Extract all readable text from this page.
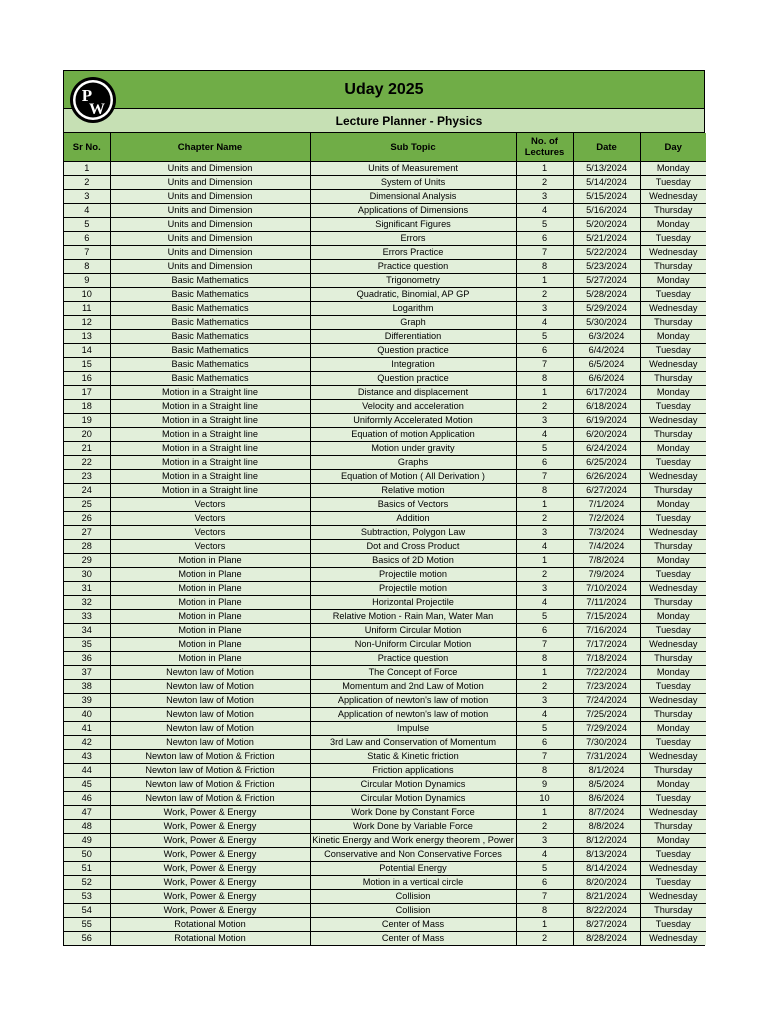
P
W
Uday 2025
Lecture Planner - Physics
Sr No.	Chapter Name	Sub Topic	No. of Lectures	Date	Day
1	Units and Dimension	Units of Measurement	1	5/13/2024	Monday
2	Units and Dimension	System of Units	2	5/14/2024	Tuesday
3	Units and Dimension	Dimensional Analysis	3	5/15/2024	Wednesday
4	Units and Dimension	Applications of Dimensions	4	5/16/2024	Thursday
5	Units and Dimension	Significant Figures	5	5/20/2024	Monday
6	Units and Dimension	Errors	6	5/21/2024	Tuesday
7	Units and Dimension	Errors Practice	7	5/22/2024	Wednesday
8	Units and Dimension	Practice question	8	5/23/2024	Thursday
9	Basic Mathematics	Trigonometry	1	5/27/2024	Monday
10	Basic Mathematics	Quadratic, Binomial, AP GP	2	5/28/2024	Tuesday
11	Basic Mathematics	Logarithm	3	5/29/2024	Wednesday
12	Basic Mathematics	Graph	4	5/30/2024	Thursday
13	Basic Mathematics	Differentiation	5	6/3/2024	Monday
14	Basic Mathematics	Question practice	6	6/4/2024	Tuesday
15	Basic Mathematics	Integration	7	6/5/2024	Wednesday
16	Basic Mathematics	Question practice	8	6/6/2024	Thursday
17	Motion in a Straight line	Distance and displacement	1	6/17/2024	Monday
18	Motion in a Straight line	Velocity and acceleration	2	6/18/2024	Tuesday
19	Motion in a Straight line	Uniformly Accelerated Motion	3	6/19/2024	Wednesday
20	Motion in a Straight line	Equation of motion Application	4	6/20/2024	Thursday
21	Motion in a Straight line	Motion under gravity	5	6/24/2024	Monday
22	Motion in a Straight line	Graphs	6	6/25/2024	Tuesday
23	Motion in a Straight line	Equation of Motion ( All Derivation )	7	6/26/2024	Wednesday
24	Motion in a Straight line	Relative motion	8	6/27/2024	Thursday
25	Vectors	Basics of Vectors	1	7/1/2024	Monday
26	Vectors	Addition	2	7/2/2024	Tuesday
27	Vectors	Subtraction, Polygon Law	3	7/3/2024	Wednesday
28	Vectors	Dot and Cross Product	4	7/4/2024	Thursday
29	Motion in Plane	Basics of 2D Motion	1	7/8/2024	Monday
30	Motion in Plane	Projectile motion	2	7/9/2024	Tuesday
31	Motion in Plane	Projectile motion	3	7/10/2024	Wednesday
32	Motion in Plane	Horizontal Projectile	4	7/11/2024	Thursday
33	Motion in Plane	Relative Motion - Rain Man, Water Man	5	7/15/2024	Monday
34	Motion in Plane	Uniform Circular Motion	6	7/16/2024	Tuesday
35	Motion in Plane	Non-Uniform Circular Motion	7	7/17/2024	Wednesday
36	Motion in Plane	Practice question	8	7/18/2024	Thursday
37	Newton law of Motion	The Concept of Force	1	7/22/2024	Monday
38	Newton law of Motion	Momentum and 2nd Law of Motion	2	7/23/2024	Tuesday
39	Newton law of Motion	Application of newton's law of motion	3	7/24/2024	Wednesday
40	Newton law of Motion	Application of newton's law of motion	4	7/25/2024	Thursday
41	Newton law of Motion	Impulse	5	7/29/2024	Monday
42	Newton law of Motion	3rd Law and Conservation of Momentum	6	7/30/2024	Tuesday
43	Newton law of Motion & Friction	Static & Kinetic friction	7	7/31/2024	Wednesday
44	Newton law of Motion & Friction	Friction applications	8	8/1/2024	Thursday
45	Newton law of Motion & Friction	Circular Motion Dynamics	9	8/5/2024	Monday
46	Newton law of Motion & Friction	Circular Motion Dynamics	10	8/6/2024	Tuesday
47	Work, Power & Energy	Work Done by Constant Force	1	8/7/2024	Wednesday
48	Work, Power & Energy	Work Done by Variable Force	2	8/8/2024	Thursday
49	Work, Power & Energy	Kinetic Energy and Work energy theorem , Power	3	8/12/2024	Monday
50	Work, Power & Energy	Conservative and Non Conservative Forces	4	8/13/2024	Tuesday
51	Work, Power & Energy	Potential Energy	5	8/14/2024	Wednesday
52	Work, Power & Energy	Motion in a vertical circle	6	8/20/2024	Tuesday
53	Work, Power & Energy	Collision	7	8/21/2024	Wednesday
54	Work, Power & Energy	Collision	8	8/22/2024	Thursday
55	Rotational Motion	Center of Mass	1	8/27/2024	Tuesday
56	Rotational Motion	Center of Mass	2	8/28/2024	Wednesday
